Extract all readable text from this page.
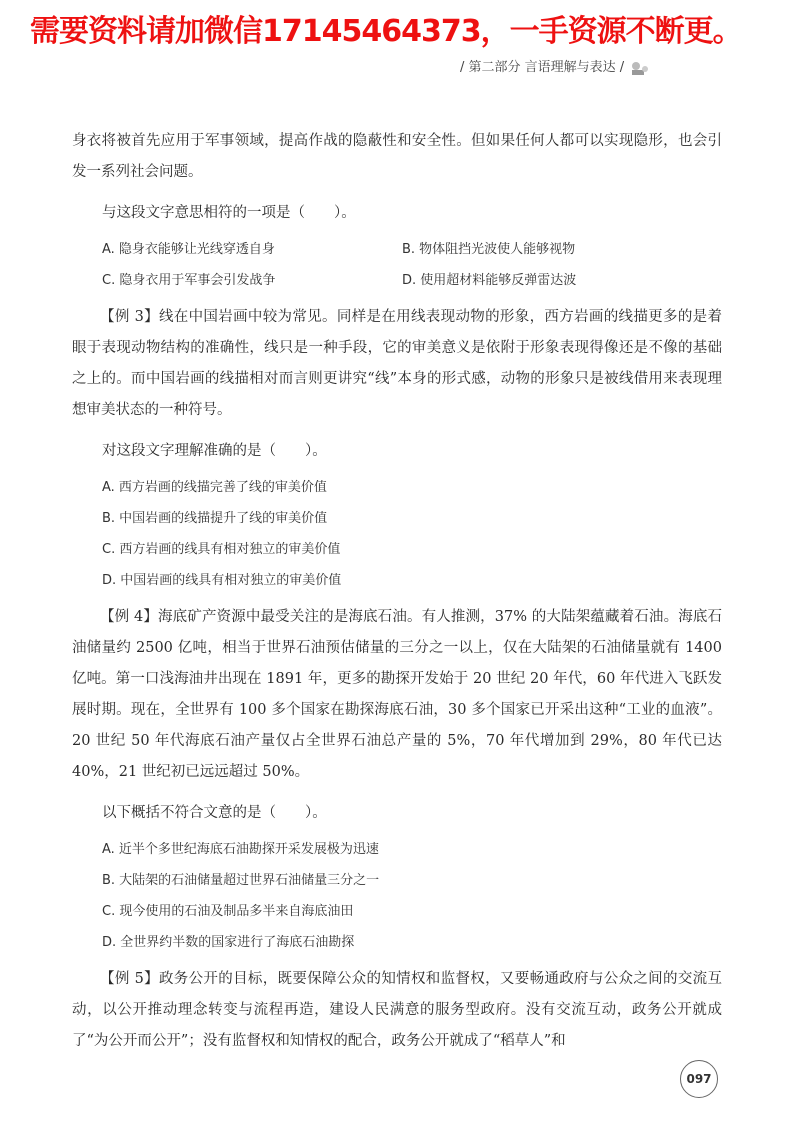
需要资料请加微信17145464373，一手资源不断更。
/ 第二部分 言语理解与表达 /

身衣将被首先应用于军事领域，提高作战的隐蔽性和安全性。但如果任何人都可以实现隐形，也会引发一系列社会问题。

与这段文字意思相符的一项是（　　）。

A. 隐身衣能够让光线穿透自身	B. 物体阻挡光波使人能够视物
C. 隐身衣用于军事会引发战争	D. 使用超材料能够反弹雷达波

【例 3】线在中国岩画中较为常见。同样是在用线表现动物的形象，西方岩画的线描更多的是着眼于表现动物结构的准确性，线只是一种手段，它的审美意义是依附于形象表现得像还是不像的基础之上的。而中国岩画的线描相对而言则更讲究“线”本身的形式感，动物的形象只是被线借用来表现理想审美状态的一种符号。

对这段文字理解准确的是（　　）。

A. 西方岩画的线描完善了线的审美价值
B. 中国岩画的线描提升了线的审美价值
C. 西方岩画的线具有相对独立的审美价值
D. 中国岩画的线具有相对独立的审美价值

【例 4】海底矿产资源中最受关注的是海底石油。有人推测，37% 的大陆架蕴藏着石油。海底石油储量约 2500 亿吨，相当于世界石油预估储量的三分之一以上，仅在大陆架的石油储量就有 1400 亿吨。第一口浅海油井出现在 1891 年，更多的勘探开发始于 20 世纪 20 年代，60 年代进入飞跃发展时期。现在，全世界有 100 多个国家在勘探海底石油，30 多个国家已开采出这种“工业的血液”。20 世纪 50 年代海底石油产量仅占全世界石油总产量的 5%，70 年代增加到 29%，80 年代已达 40%，21 世纪初已远远超过 50%。

以下概括不符合文意的是（　　）。

A. 近半个多世纪海底石油勘探开采发展极为迅速
B. 大陆架的石油储量超过世界石油储量三分之一
C. 现今使用的石油及制品多半来自海底油田
D. 全世界约半数的国家进行了海底石油勘探

【例 5】政务公开的目标，既要保障公众的知情权和监督权，又要畅通政府与公众之间的交流互动，以公开推动理念转变与流程再造，建设人民满意的服务型政府。没有交流互动，政务公开就成了“为公开而公开”；没有监督权和知情权的配合，政务公开就成了“稻草人”和

097
